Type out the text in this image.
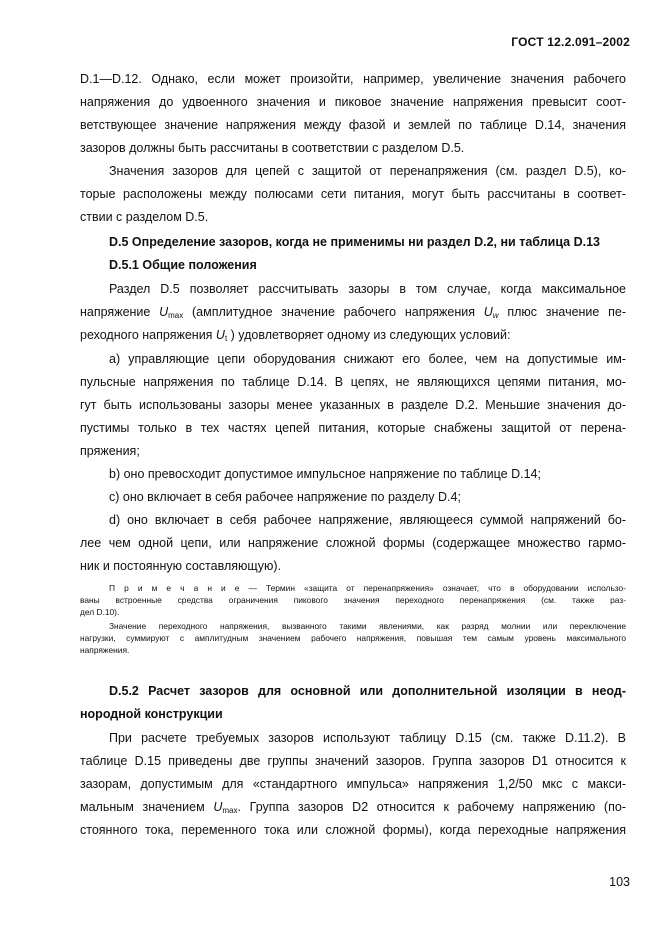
ГОСТ 12.2.091–2002
D.1—D.12. Однако, если может произойти, например, увеличение значения рабочего
напряжения до удвоенного значения и пиковое значение напряжения превысит соот-
ветствующее значение напряжения между фазой и землей по таблице D.14, значения
зазоров должны быть рассчитаны в соответствии с разделом D.5.
Значения зазоров для цепей с защитой от перенапряжения (см. раздел D.5), ко-
торые расположены между полюсами сети питания, могут быть рассчитаны в соответ-
ствии с разделом D.5.
D.5 Определение зазоров, когда не применимы ни раздел D.2, ни таблица D.13
D.5.1 Общие положения
Раздел D.5 позволяет рассчитывать зазоры в том случае, когда максимальное
напряжение $U_{max}$ (амплитудное значение рабочего напряжения $U_w$ плюс значение пе-
реходного напряжения $U_t$ ) удовлетворяет одному из следующих условий:
а) управляющие цепи оборудования снижают его более, чем на допустимые им-
пульсные напряжения по таблице D.14. В цепях, не являющихся цепями питания, мо-
гут быть использованы зазоры менее указанных в разделе D.2. Меньшие значения до-
пустимы только в тех частях цепей питания, которые снабжены защитой от перена-
пряжения;
b) оно превосходит допустимое импульсное напряжение по таблице D.14;
с) оно включает в себя рабочее напряжение по разделу D.4;
d) оно включает в себя рабочее напряжение, являющееся суммой напряжений бо-
лее чем одной цепи, или напряжение сложной формы (содержащее множество гармо-
ник и постоянную составляющую).
П р и м е ч а н и е — Термин «защита от перенапряжения» означает, что в оборудовании использо-
ваны встроенные средства ограничения пикового значения переходного перенапряжения (см. также раз-
дел D.10).
Значение переходного напряжения, вызванного такими явлениями, как разряд молнии или переключение
нагрузки, суммируют с амплитудным значением рабочего напряжения, повышая тем самым уровень максимального
напряжения.
D.5.2 Расчет зазоров для основной или дополнительной изоляции в неод-
нородной конструкции
При расчете требуемых зазоров используют таблицу D.15 (см. также D.11.2). В
таблице D.15 приведены две группы значений зазоров. Группа зазоров D1 относится к
зазорам, допустимым для «стандартного импульса» напряжения 1,2/50 мкс с макси-
мальным значением $U_{max}$. Группа зазоров D2 относится к рабочему напряжению (по-
стоянного тока, переменного тока или сложной формы), когда переходные напряжения
103
